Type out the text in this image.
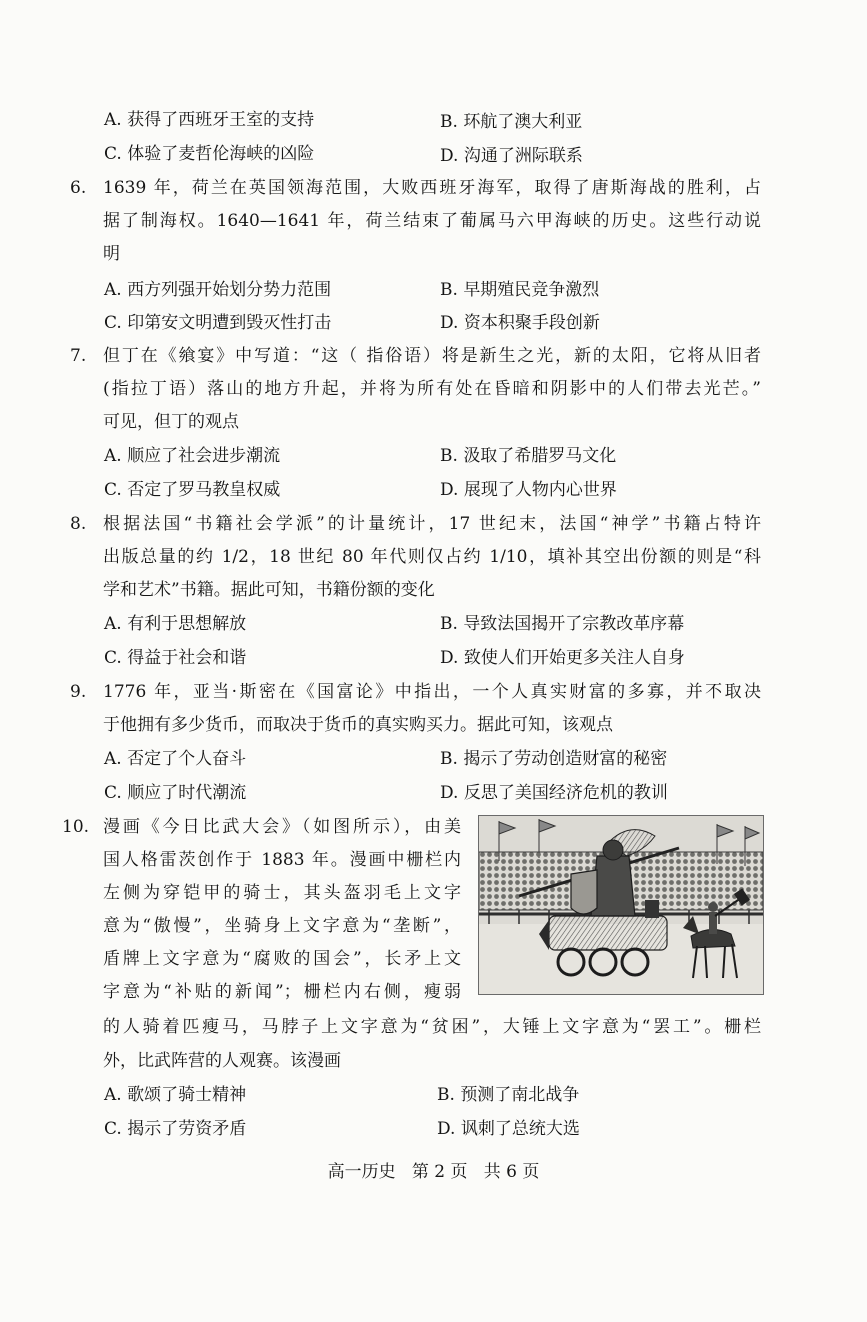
A. 获得了西班牙王室的支持	B. 环航了澳大利亚
C. 体验了麦哲伦海峡的凶险	D. 沟通了洲际联系
6. 1639 年，荷兰在英国领海范围，大败西班牙海军，取得了唐斯海战的胜利，占
据了制海权。1640—1641 年，荷兰结束了葡属马六甲海峡的历史。这些行动说
明
A. 西方列强开始划分势力范围	B. 早期殖民竞争激烈
C. 印第安文明遭到毁灭性打击	D. 资本积聚手段创新
7. 但丁在《飨宴》中写道：“这（ 指俗语）将是新生之光，新的太阳，它将从旧者
(指拉丁语）落山的地方升起，并将为所有处在昏暗和阴影中的人们带去光芒。”
可见，但丁的观点
A. 顺应了社会进步潮流	B. 汲取了希腊罗马文化
C. 否定了罗马教皇权威	D. 展现了人物内心世界
8. 根据法国“书籍社会学派”的计量统计，17 世纪末，法国“神学”书籍占特许
出版总量的约 1/2，18 世纪 80 年代则仅占约 1/10，填补其空出份额的则是“科
学和艺术”书籍。据此可知，书籍份额的变化
A. 有利于思想解放	B. 导致法国揭开了宗教改革序幕
C. 得益于社会和谐	D. 致使人们开始更多关注人自身
9. 1776 年，亚当·斯密在《国富论》中指出，一个人真实财富的多寡，并不取决
于他拥有多少货币，而取决于货币的真实购买力。据此可知，该观点
A. 否定了个人奋斗	B. 揭示了劳动创造财富的秘密
C. 顺应了时代潮流	D. 反思了美国经济危机的教训
10. 漫画《今日比武大会》（如图所示），由美
国人格雷茨创作于 1883 年。漫画中栅栏内
左侧为穿铠甲的骑士，其头盔羽毛上文字
意为“傲慢”，坐骑身上文字意为“垄断”，
盾牌上文字意为“腐败的国会”，长矛上文
字意为“补贴的新闻”；栅栏内右侧，瘦弱
的人骑着匹瘦马，马脖子上文字意为“贫困”，大锤上文字意为“罢工”。栅栏
外，比武阵营的人观赛。该漫画
A. 歌颂了骑士精神	B. 预测了南北战争
C. 揭示了劳资矛盾	D. 讽刺了总统大选
高一历史   第 2 页   共 6 页
